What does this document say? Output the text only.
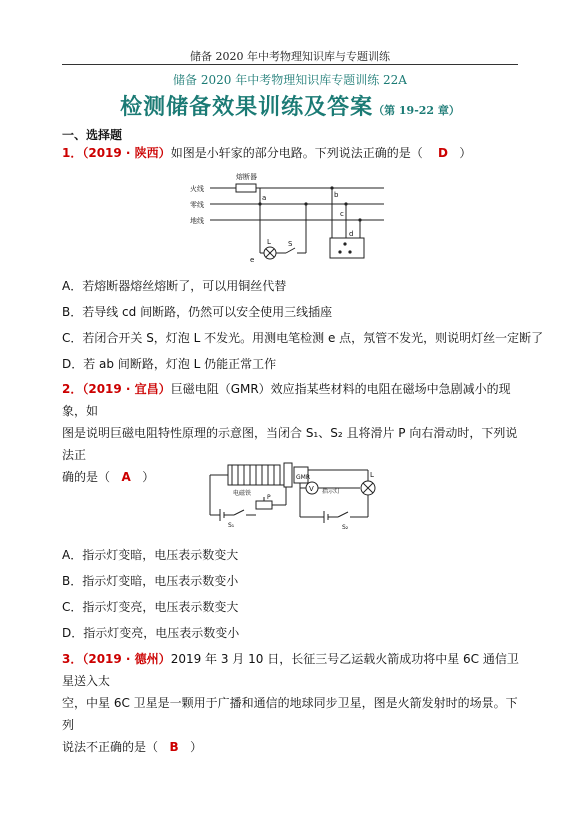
储备 2020 年中考物理知识库与专题训练
储备 2020 年中考物理知识库专题训练 22A
检测储备效果训练及答案（第 19-22 章）
一、选择题
1．（2019 · 陕西）如图是小轩家的部分电路。下列说法正确的是（ D ）
熔断器
火线
零线
地线
a	b
c
d
e
L S
A．若熔断器熔丝熔断了，可以用铜丝代替
B．若导线 cd 间断路，仍然可以安全使用三线插座
C．若闭合开关 S，灯泡 L 不发光。用测电笔检测 e 点，氖管不发光，则说明灯丝一定断了
D．若 ab 间断路，灯泡 L 仍能正常工作
2．（2019 · 宜昌）巨磁电阻（GMR）效应指某些材料的电阻在磁场中急剧减小的现象，如
图是说明巨磁电阻特性原理的示意图，当闭合 S₁、S₂ 且将滑片 P 向右滑动时，下列说法正
确的是（ A ）	GMR
电磁铁
V 指示灯
L
P
S₁	S₂
A．指示灯变暗，电压表示数变大
B．指示灯变暗，电压表示数变小
C．指示灯变亮，电压表示数变大
D．指示灯变亮，电压表示数变小
3．（2019 · 德州）2019 年 3 月 10 日，长征三号乙运载火箭成功将中星 6C 通信卫星送入太
空，中星 6C 卫星是一颗用于广播和通信的地球同步卫星，图是火箭发射时的场景。下列
说法不正确的是（ B ）
